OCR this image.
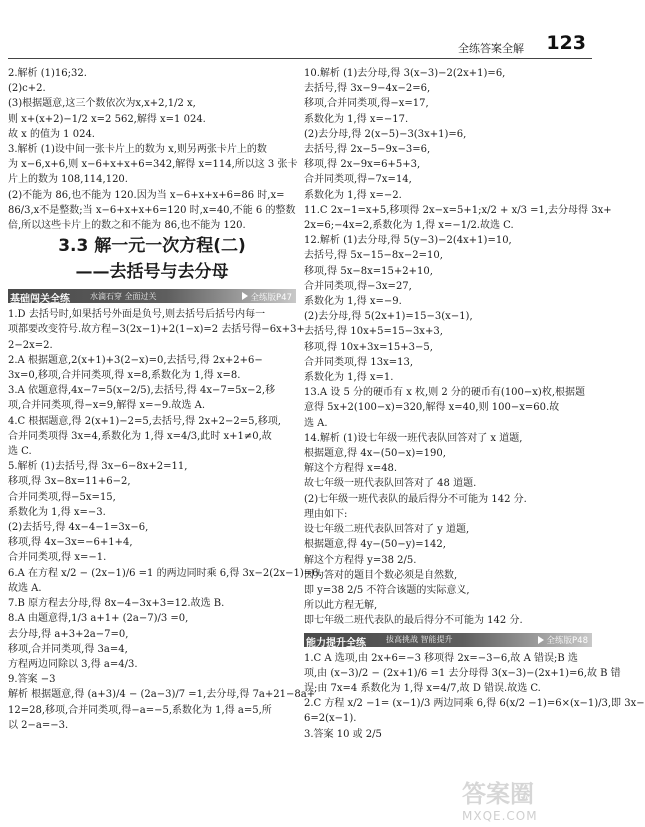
全练答案全解 123
2.解析 (1)16;32.
(2)c+2.
(3)根据题意,这三个数依次为x,x+2,1/2 x,
则 x+(x+2)−1/2 x=2 562,解得 x=1 024.
故 x 的值为 1 024.
3.解析 (1)设中间一张卡片上的数为 x,则另两张卡片上的数
为 x−6,x+6,则 x−6+x+x+6=342,解得 x=114,所以这 3 张卡
片上的数为 108,114,120.
(2)不能为 86,也不能为 120.因为当 x−6+x+x+6=86 时,x=
86/3,x不是整数;当 x−6+x+x+6=120 时,x=40,不能 6 的整数
倍,所以这些卡片上的数之和不能为 86,也不能为 120.
3.3 解一元一次方程(二)
——去括号与去分母
基础闯关全练	水滴石穿 全面过关	全练版P47
1.D 去括号时,如果括号外面是负号,则去括号后括号内每一
项都要改变符号.故方程−3(2x−1)+2(1−x)=2 去括号得−6x+3+
2−2x=2.
2.A 根据题意,2(x+1)+3(2−x)=0,去括号,得 2x+2+6−
3x=0,移项,合并同类项,得 x=8,系数化为 1,得 x=8.
3.A 依题意得,4x−7=5(x−2/5),去括号,得 4x−7=5x−2,移
项,合并同类项,得−x=9,解得 x=−9.故选 A.
4.C 根据题意,得 2(x+1)−2=5,去括号,得 2x+2−2=5,移项,
合并同类项得 3x=4,系数化为 1,得 x=4/3,此时 x+1≠0,故
选 C.
5.解析 (1)去括号,得 3x−6−8x+2=11,
移项,得 3x−8x=11+6−2,
合并同类项,得−5x=15,
系数化为 1,得 x=−3.
(2)去括号,得 4x−4−1=3x−6,
移项,得 4x−3x=−6+1+4,
合并同类项,得 x=−1.
6.A 在方程 x/2 − (2x−1)/6 =1 的两边同时乘 6,得 3x−2(2x−1)=6.
故选 A.
7.B 原方程去分母,得 8x−4−3x+3=12.故选 B.
8.A 由题意得,1/3 a+1+ (2a−7)/3 =0,
去分母,得 a+3+2a−7=0,
移项,合并同类项,得 3a=4,
方程两边同除以 3,得 a=4/3.
9.答案 −3
解析 根据题意,得 (a+3)/4 − (2a−3)/7 =1,去分母,得 7a+21−8a+
12=28,移项,合并同类项,得−a=−5,系数化为 1,得 a=5,所
以 2−a=−3.
10.解析 (1)去分母,得 3(x−3)−2(2x+1)=6,
去括号,得 3x−9−4x−2=6,
移项,合并同类项,得−x=17,
系数化为 1,得 x=−17.
(2)去分母,得 2(x−5)−3(3x+1)=6,
去括号,得 2x−5−9x−3=6,
移项,得 2x−9x=6+5+3,
合并同类项,得−7x=14,
系数化为 1,得 x=−2.
11.C 2x−1=x+5,移项得 2x−x=5+1;x/2 + x/3 =1,去分母得 3x+
2x=6;−4x=2,系数化为 1,得 x=−1/2.故选 C.
12.解析 (1)去分母,得 5(y−3)−2(4x+1)=10,
去括号,得 5x−15−8x−2=10,
移项,得 5x−8x=15+2+10,
合并同类项,得−3x=27,
系数化为 1,得 x=−9.
(2)去分母,得 5(2x+1)=15−3(x−1),
去括号,得 10x+5=15−3x+3,
移项,得 10x+3x=15+3−5,
合并同类项,得 13x=13,
系数化为 1,得 x=1.
13.A 设 5 分的硬币有 x 枚,则 2 分的硬币有(100−x)枚,根据题
意得 5x+2(100−x)=320,解得 x=40,则 100−x=60.故
选 A.
14.解析 (1)设七年级一班代表队回答对了 x 道题,
根据题意,得 4x−(50−x)=190,
解这个方程得 x=48.
故七年级一班代表队回答对了 48 道题.
(2)七年级一班代表队的最后得分不可能为 142 分.
理由如下:
设七年级二班代表队回答对了 y 道题,
根据题意,得 4y−(50−y)=142,
解这个方程得 y=38 2/5.
因为答对的题目个数必须是自然数,
即 y=38 2/5 不符合该题的实际意义,
所以此方程无解,
即七年级二班代表队的最后得分不可能为 142 分.
能力提升全练	拔高挑战 智能提升	全练版P48
1.C A 选项,由 2x+6=−3 移项得 2x=−3−6,故 A 错误;B 选
项,由 (x−3)/2 − (2x+1)/6 =1 去分母得 3(x−3)−(2x+1)=6,故 B 错
误;由 7x=4 系数化为 1,得 x=4/7,故 D 错误.故选 C.
2.C 方程 x/2 −1= (x−1)/3 两边同乘 6,得 6(x/2 −1)=6×(x−1)/3,即 3x−
6=2(x−1).
3.答案 10 或 2/5
答案圈
MXQE.COM
